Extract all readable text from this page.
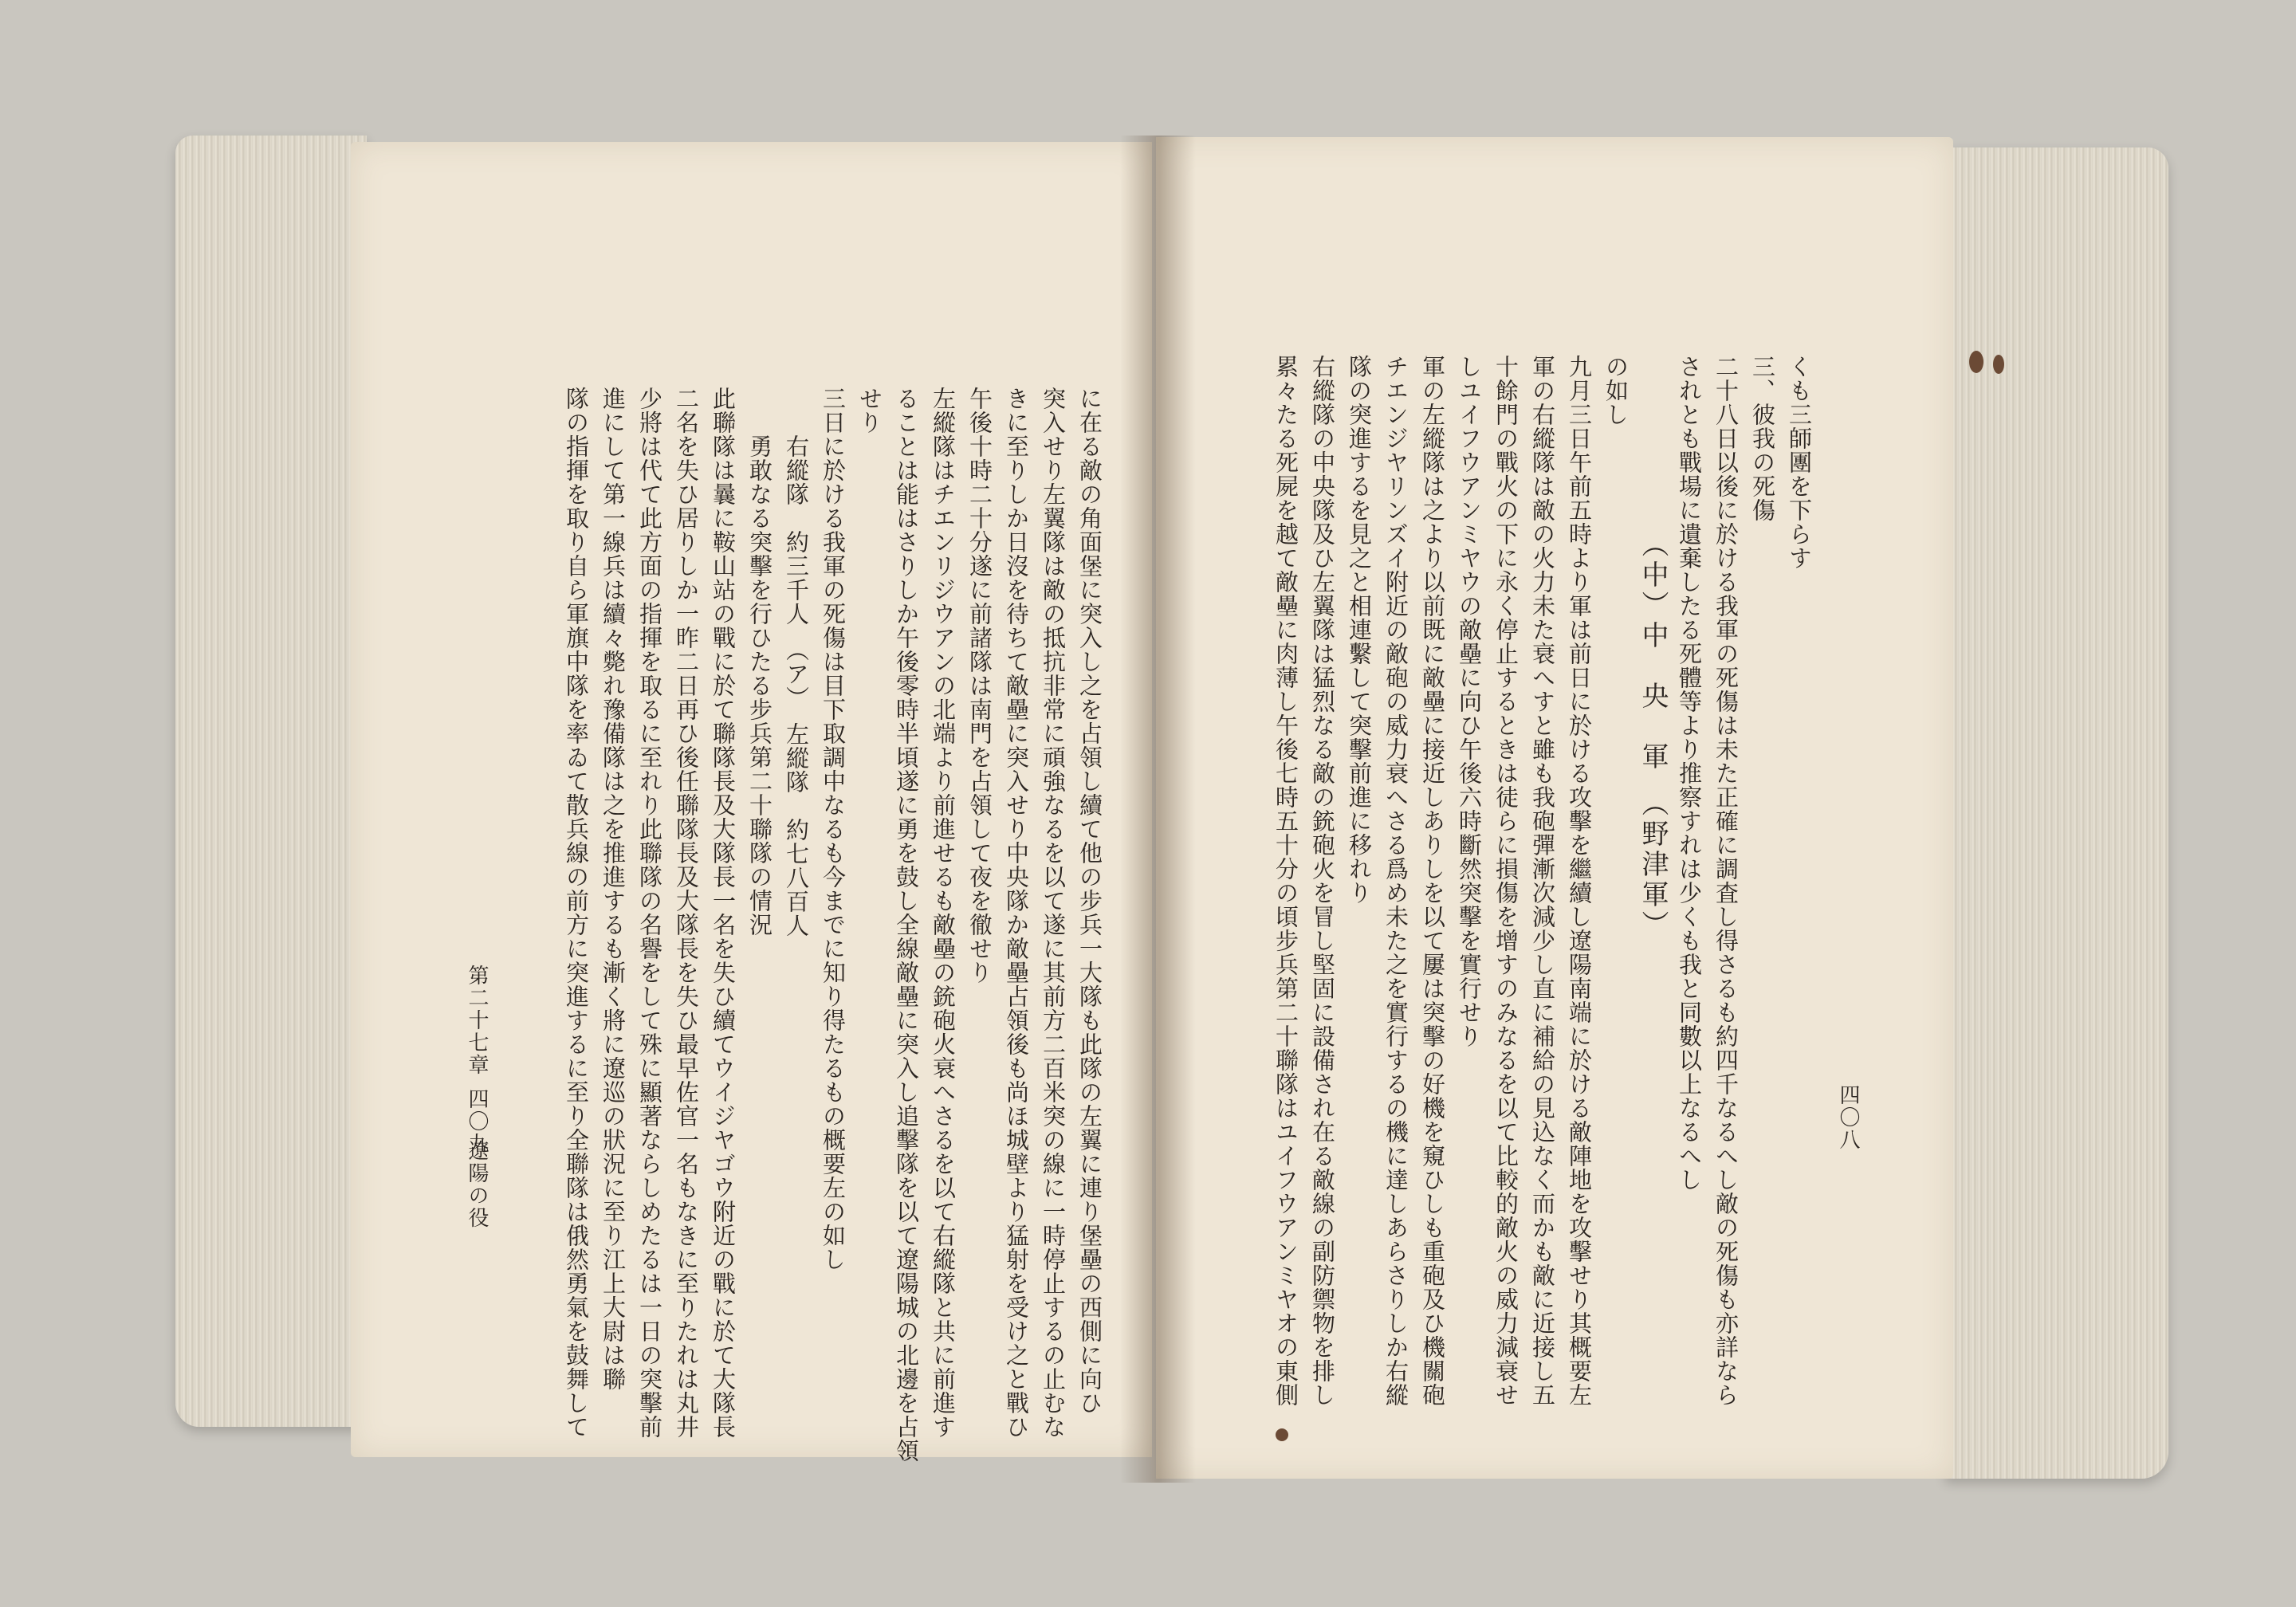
に在る敵の角面堡に突入し之を占領し續て他の步兵一大隊も此隊の左翼に連り堡壘の西側に向ひ

突入せり左翼隊は敵の抵抗非常に頑強なるを以て遂に其前方二百米突の線に一時停止するの止むな

きに至りしか日沒を待ちて敵壘に突入せり中央隊か敵壘占領後も尚ほ城壁より猛射を受け之と戰ひ

午後十時二十分遂に前諸隊は南門を占領して夜を徹せり

左縱隊はチエンリジウアンの北端より前進せるも敵壘の銃砲火衰へさるを以て右縱隊と共に前進す

ることは能はさりしか午後零時半頃遂に勇を鼓し全線敵壘に突入し追擊隊を以て遼陽城の北邊を占領

せり

三日に於ける我軍の死傷は目下取調中なるも今までに知り得たるもの概要左の如し

右縱隊　約三千人　（ア）　左縱隊　約七八百人

勇敢なる突擊を行ひたる步兵第二十聯隊の情況

此聯隊は曩に鞍山站の戰に於て聯隊長及大隊長一名を失ひ續てウイジヤゴウ附近の戰に於て大隊長

二名を失ひ居りしか一昨二日再ひ後任聯隊長及大隊長を失ひ最早佐官一名もなきに至りたれは丸井

少將は代て此方面の指揮を取るに至れり此聯隊の名譽をして殊に顯著ならしめたるは一日の突擊前

進にして第一線兵は續々斃れ豫備隊は之を推進するも漸く將に遼巡の狀況に至り江上大尉は聯

隊の指揮を取り自ら軍旗中隊を率ゐて散兵線の前方に突進するに至り全聯隊は俄然勇氣を鼓舞して	くも三師團を下らす

三、彼我の死傷

二十八日以後に於ける我軍の死傷は未た正確に調査し得さるも約四千なるへし敵の死傷も亦詳なら

されとも戰場に遺棄したる死體等より推察すれは少くも我と同數以上なるへし

（中）中　央　軍　（野津軍）

の如し

九月三日午前五時より軍は前日に於ける攻擊を繼續し遼陽南端に於ける敵陣地を攻擊せり其概要左

軍の右縱隊は敵の火力未た衰へすと雖も我砲彈漸次減少し直に補給の見込なく而かも敵に近接し五

十餘門の戰火の下に永く停止するときは徒らに損傷を增すのみなるを以て比較的敵火の威力減衰せ

しユイフウアンミヤウの敵壘に向ひ午後六時斷然突擊を實行せり

軍の左縱隊は之より以前既に敵壘に接近しありしを以て屢は突擊の好機を窺ひしも重砲及ひ機關砲

チエンジヤリンズイ附近の敵砲の威力衰へさる爲め未た之を實行するの機に達しあらさりしか右縱

隊の突進するを見之と相連繫して突擊前進に移れり

右縱隊の中央隊及ひ左翼隊は猛烈なる敵の銃砲火を冒し堅固に設備され在る敵線の副防禦物を排し

累々たる死屍を越て敵壘に肉薄し午後七時五十分の頃步兵第二十聯隊はユイフウアンミヤオの東側

第二十七章
遼陽の役
四〇九	四〇八
